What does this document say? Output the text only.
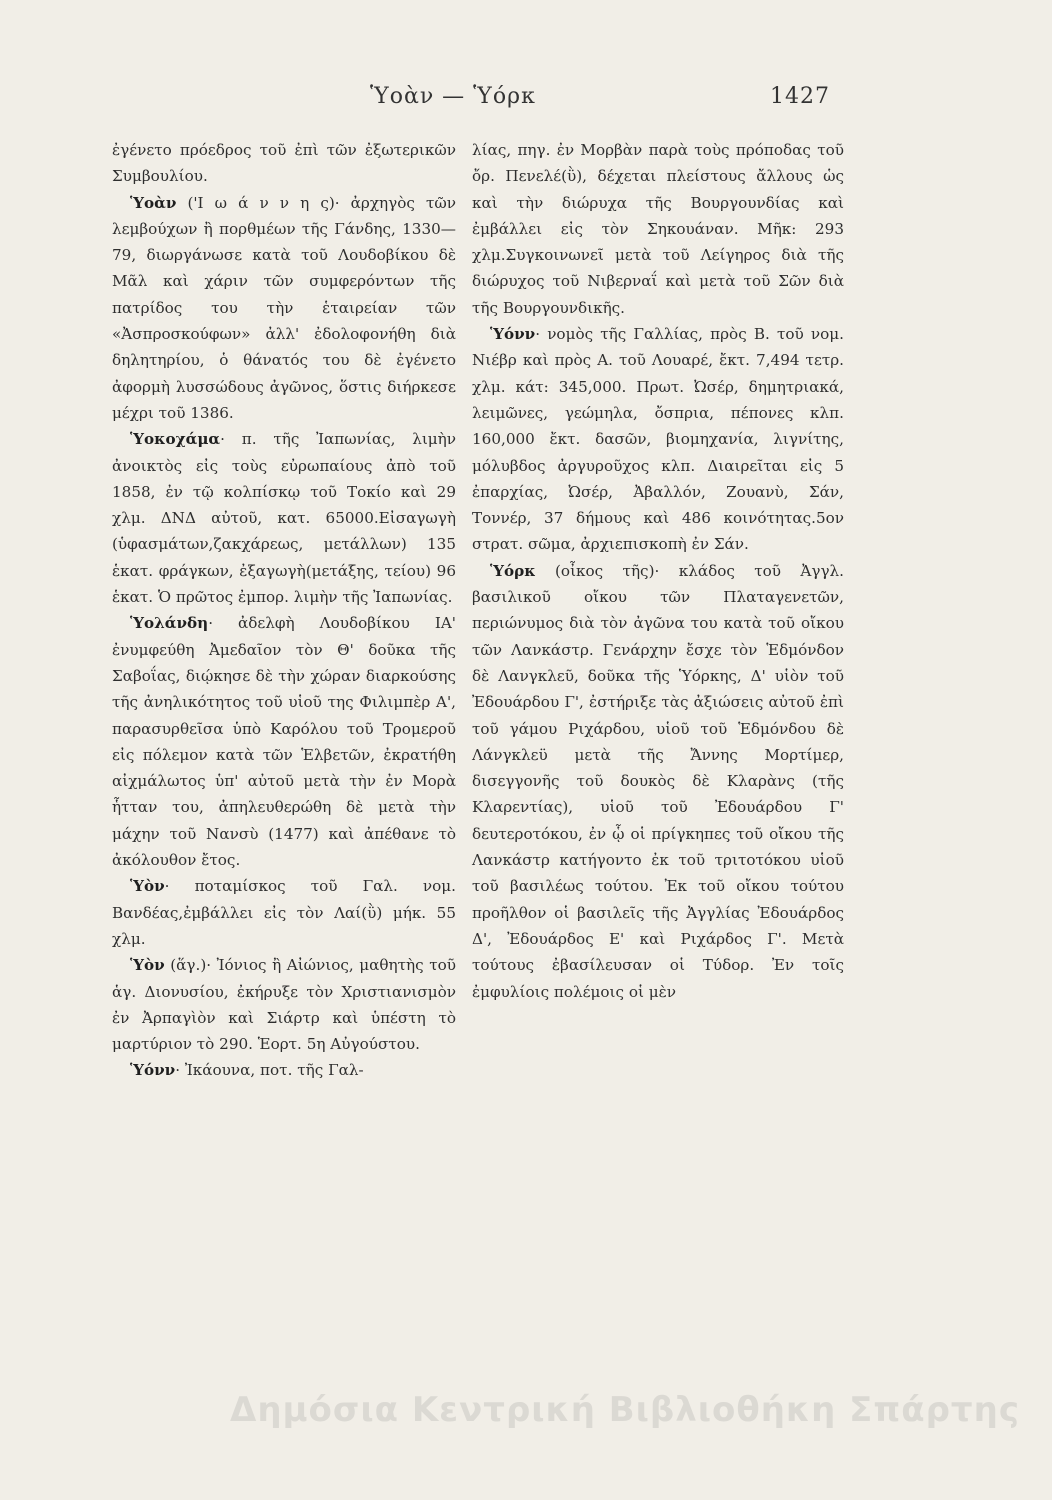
Ὑοὰν — Ὑόρκ	1427

ἐγένετο πρόεδρος τοῦ ἐπὶ τῶν ἐξωτερικῶν Συμβουλίου.

Ὑοὰν ('Ι ω ά ν ν η ς)· ἀρχηγὸς τῶν λεμβούχων ἢ πορθμέων τῆς Γάνδης, 1330—79, διωργάνωσε κατὰ τοῦ Λουδοβίκου δὲ Μᾶλ καὶ χάριν τῶν συμφερόντων τῆς πατρίδος του τὴν ἑταιρείαν τῶν «Ἀσπροσκούφων» ἀλλ' ἐδολοφονήθη διὰ δηλητηρίου, ὁ θάνατός του δὲ ἐγένετο ἀφορμὴ λυσσώδους ἀγῶνος, ὅστις διήρκεσε μέχρι τοῦ 1386.

Ὑοκοχάμα· π. τῆς Ἰαπωνίας, λιμὴν ἀνοικτὸς εἰς τοὺς εὐρωπαίους ἀπὸ τοῦ 1858, ἐν τῷ κολπίσκῳ τοῦ Τοκίο καὶ 29 χλμ. ΔΝΔ αὐτοῦ, κατ. 65000.Εἰσαγωγὴ (ὑφασμάτων,ζακχάρεως, μετάλλων) 135 ἑκατ. φράγκων, ἐξαγωγὴ(μετάξης, τείου) 96 ἑκατ. Ὁ πρῶτος ἐμπορ. λιμὴν τῆς Ἰαπωνίας.

Ὑολάνδη· ἀδελφὴ Λουδοβίκου ΙΑ' ἐνυμφεύθη Ἀμεδαῖον τὸν Θ' δοῦκα τῆς Σαβοΐας, διῴκησε δὲ τὴν χώραν διαρκούσης τῆς ἀνηλικότητος τοῦ υἱοῦ της Φιλιμπὲρ Α', παρασυρθεῖσα ὑπὸ Καρόλου τοῦ Τρομεροῦ εἰς πόλεμον κατὰ τῶν Ἑλβετῶν, ἐκρατήθη αἰχμάλωτος ὑπ' αὐτοῦ μετὰ τὴν ἐν Μορὰ ἧτταν του, ἀπηλευθερώθη δὲ μετὰ τὴν μάχην τοῦ Νανσὺ (1477) καὶ ἀπέθανε τὸ ἀκόλουθον ἔτος.

Ὑὸν· ποταμίσκος τοῦ Γαλ. νομ. Βανδέας,ἐμβάλλει εἰς τὸν Λαί(ῢ) μήκ. 55 χλμ.

Ὑὸν (ἅγ.)· Ἰόνιος ἢ Αἰώνιος, μαθητὴς τοῦ ἁγ. Διονυσίου, ἐκήρυξε τὸν Χριστιανισμὸν ἐν Ἀρπαγὶὸν καὶ Σιάρτρ καὶ ὑπέστη τὸ μαρτύριον τὸ 290. Ἑορτ. 5η Αὐγούστου.

Ὑόνν· Ἰκάουνα, ποτ. τῆς Γαλ-

λίας, πηγ. ἐν Μορβὰν παρὰ τοὺς πρόποδας τοῦ ὄρ. Πενελέ(ῢ), δέχεται πλείστους ἄλλους ὡς καὶ τὴν διώρυχα τῆς Βουργουνδίας καὶ ἐμβάλλει εἰς τὸν Σηκουάναν. Μῆκ: 293 χλμ.Συγκοινωνεῖ μετὰ τοῦ Λείγηρος διὰ τῆς διώρυχος τοῦ Νιβερναΐ καὶ μετὰ τοῦ Σῶν διὰ τῆς Βουργουνδικῆς.

Ὑόνν· νομὸς τῆς Γαλλίας, πρὸς Β. τοῦ νομ. Νιέβρ καὶ πρὸς Α. τοῦ Λουαρέ, ἔκτ. 7,494 τετρ. χλμ. κάτ: 345,000. Πρωτ. Ὠσέρ, δημητριακά, λειμῶνες, γεώμηλα, ὄσπρια, πέπονες κλπ. 160,000 ἔκτ. δασῶν, βιομηχανία, λιγνίτης, μόλυβδος ἀργυροῦχος κλπ. Διαιρεῖται εἰς 5 ἐπαρχίας, Ὠσέρ, Ἀβαλλόν, Ζουανὺ, Σάν, Τοννέρ, 37 δήμους καὶ 486 κοινότητας.5ον στρατ. σῶμα, ἀρχιεπισκοπὴ ἐν Σάν.

Ὑόρκ (οἶκος τῆς)· κλάδος τοῦ Ἀγγλ. βασιλικοῦ οἴκου τῶν Πλαταγενετῶν, περιώνυμος διὰ τὸν ἀγῶνα του κατὰ τοῦ οἴκου τῶν Λανκάστρ. Γενάρχην ἔσχε τὸν Ἑδμόνδον δὲ Λανγκλεῦ, δοῦκα τῆς Ὑόρκης, Δ' υἱὸν τοῦ Ἐδουάρδου Γ', ἐστήριξε τὰς ἀξιώσεις αὐτοῦ ἐπὶ τοῦ γάμου Ριχάρδου, υἱοῦ τοῦ Ἑδμόνδου δὲ Λάνγκλεϋ μετὰ τῆς Ἄννης Μορτίμερ, δισεγγονῆς τοῦ δουκὸς δὲ Κλαρὰνς (τῆς Κλαρεντίας), υἱοῦ τοῦ Ἐδουάρδου Γ' δευτεροτόκου, ἐν ᾧ οἱ πρίγκηπες τοῦ οἴκου τῆς Λανκάστρ κατήγοντο ἐκ τοῦ τριτοτόκου υἱοῦ τοῦ βασιλέως τούτου. Ἐκ τοῦ οἴκου τούτου προῆλθον οἱ βασιλεῖς τῆς Ἀγγλίας Ἐδουάρδος Δ', Ἐδουάρδος Ε' καὶ Ριχάρδος Γ'. Μετὰ τούτους ἐβασίλευσαν οἱ Τύδορ. Ἐν τοῖς ἐμφυλίοις πολέμοις οἱ μὲν

Δημόσια Κεντρική Βιβλιοθήκη Σπάρτης
